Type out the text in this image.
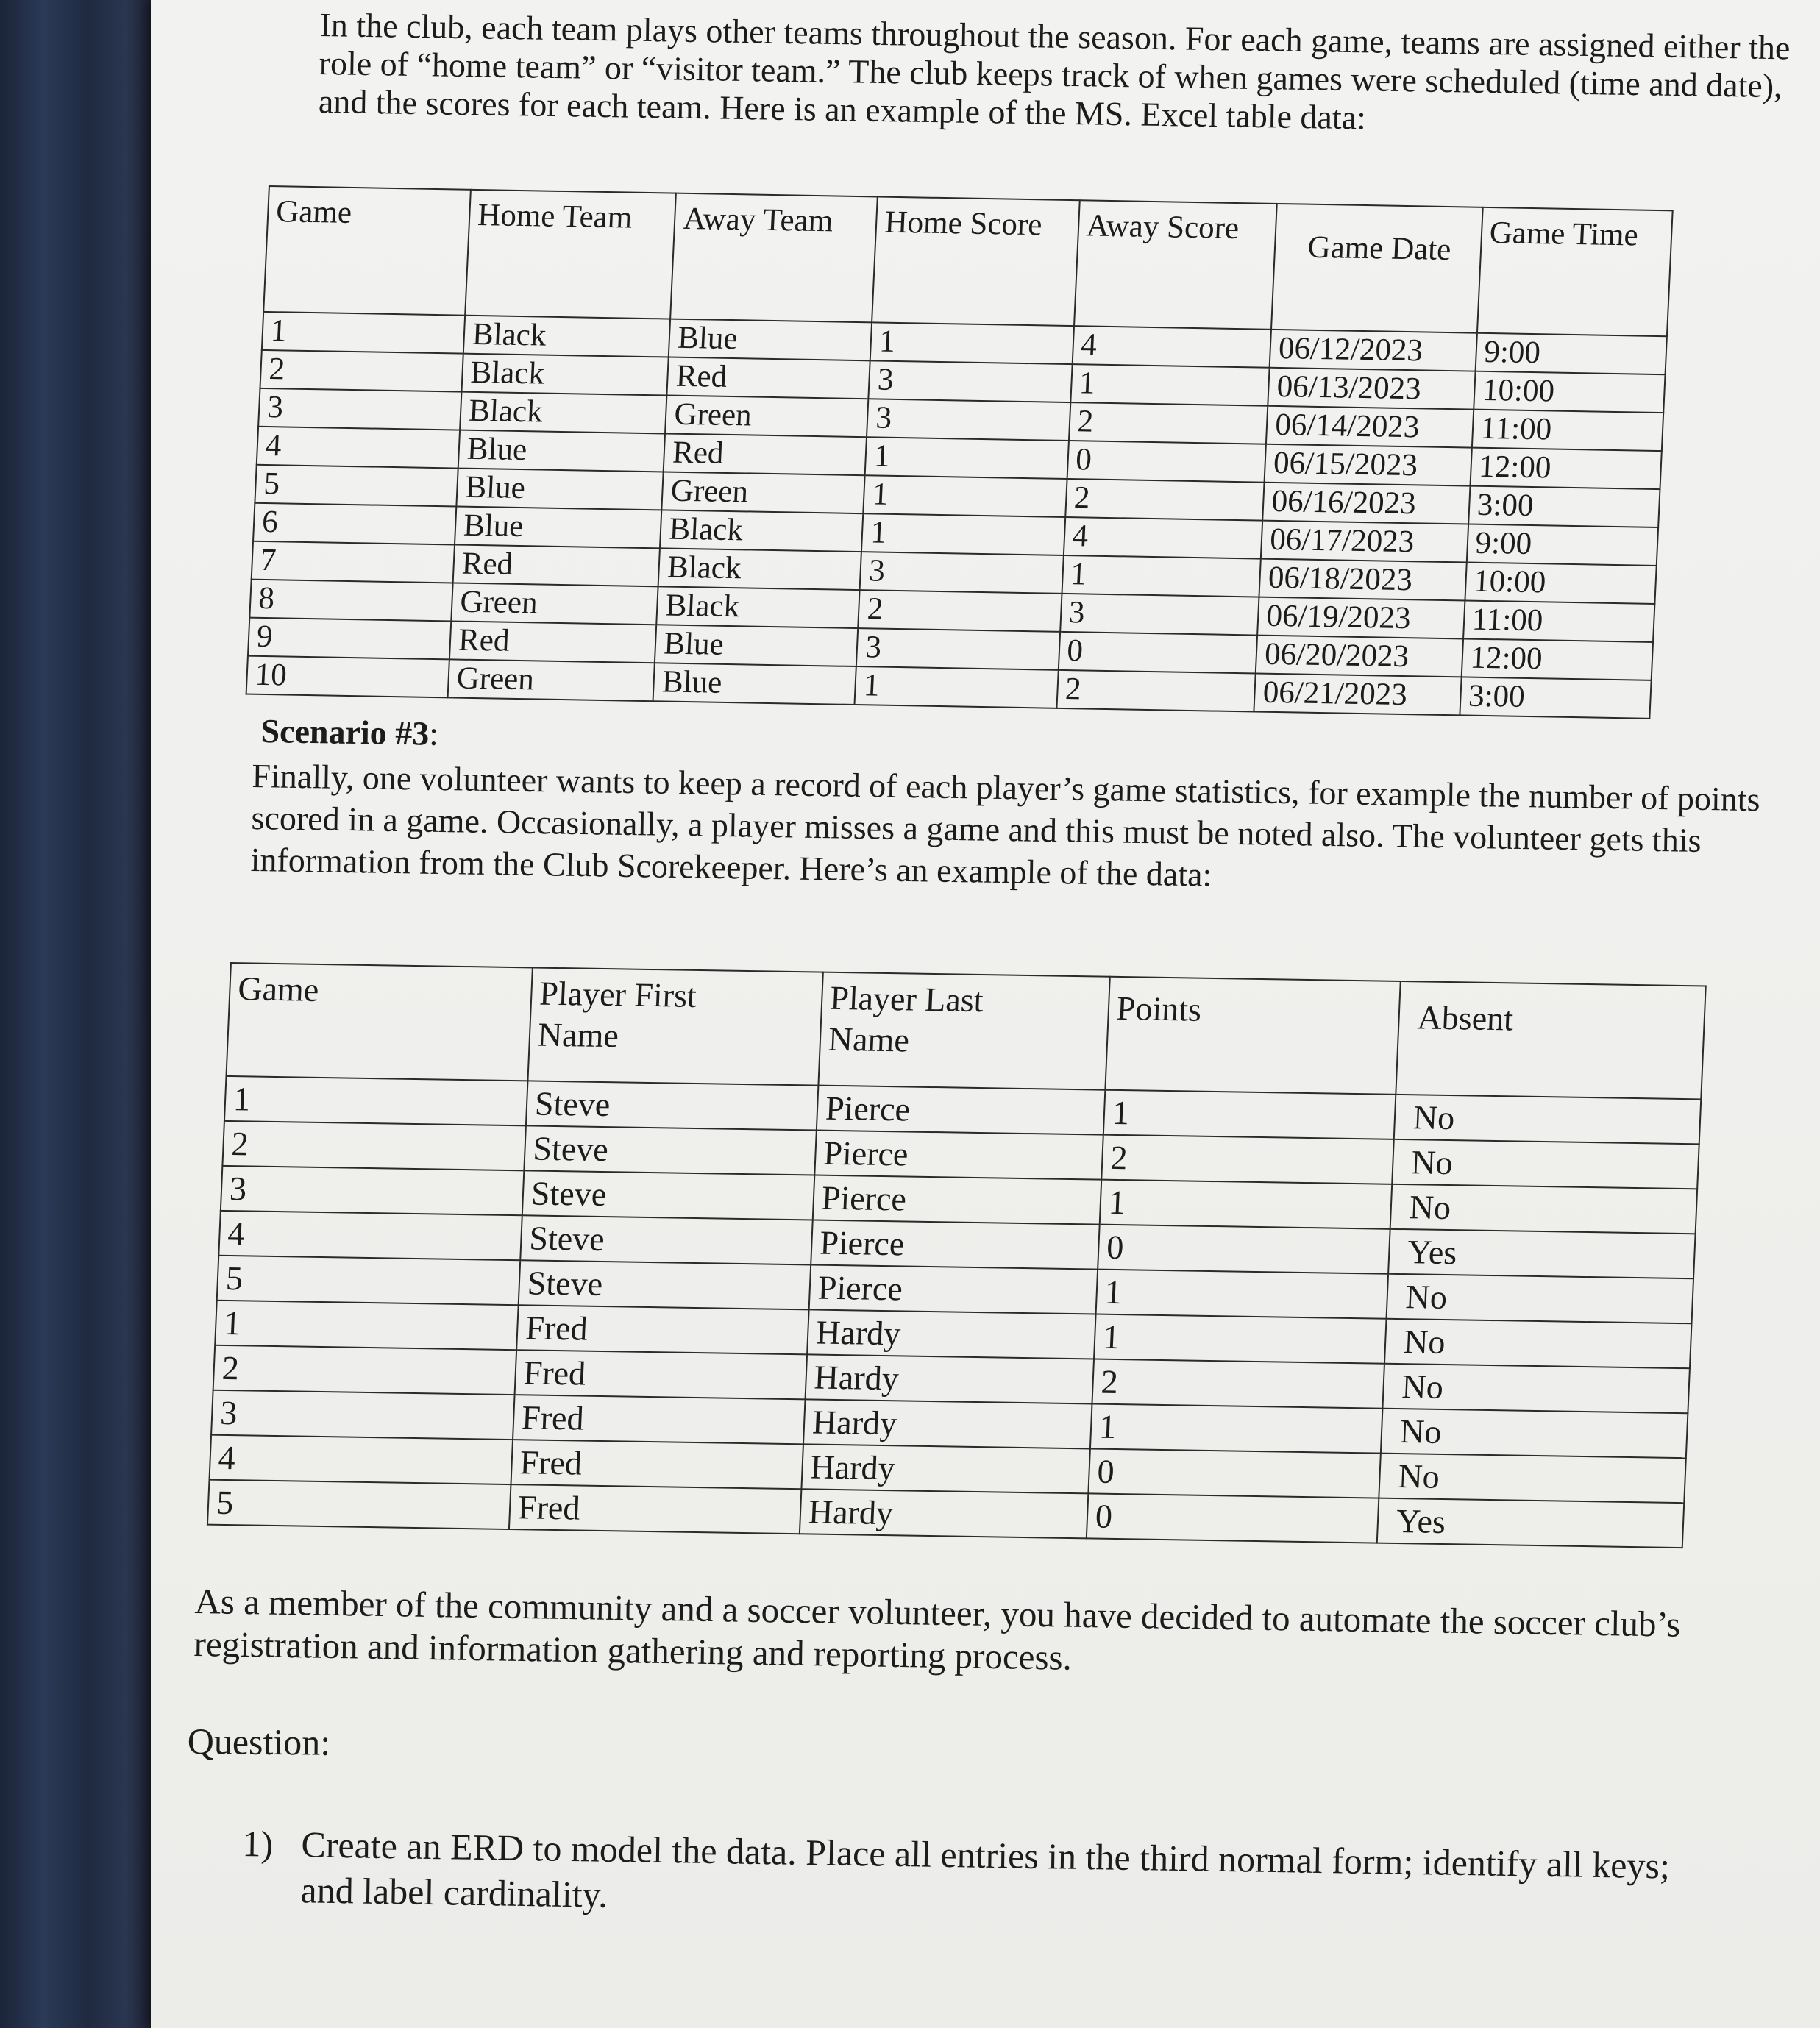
In the club, each team plays other teams throughout the season. For each game, teams are assigned either the role of “home team” or “visitor team.” The club keeps track of when games were scheduled (time and date), and the scores for each team. Here is an example of the MS. Excel table data:

Game	Home Team	Away Team	Home Score	Away Score	Game Date	Game Time
1	Black	Blue	1	4	06/12/2023	9:00
2	Black	Red	3	1	06/13/2023	10:00
3	Black	Green	3	2	06/14/2023	11:00
4	Blue	Red	1	0	06/15/2023	12:00
5	Blue	Green	1	2	06/16/2023	3:00
6	Blue	Black	1	4	06/17/2023	9:00
7	Red	Black	3	1	06/18/2023	10:00
8	Green	Black	2	3	06/19/2023	11:00
9	Red	Blue	3	0	06/20/2023	12:00
10	Green	Blue	1	2	06/21/2023	3:00

Scenario #3:

Finally, one volunteer wants to keep a record of each player’s game statistics, for example the number of points scored in a game. Occasionally, a player misses a game and this must be noted also. The volunteer gets this information from the Club Scorekeeper. Here’s an example of the data:

Game	Player First Name	Player Last Name	Points	Absent
1	Steve	Pierce	1	No
2	Steve	Pierce	2	No
3	Steve	Pierce	1	No
4	Steve	Pierce	0	Yes
5	Steve	Pierce	1	No
1	Fred	Hardy	1	No
2	Fred	Hardy	2	No
3	Fred	Hardy	1	No
4	Fred	Hardy	0	No
5	Fred	Hardy	0	Yes

As a member of the community and a soccer volunteer, you have decided to automate the soccer club’s registration and information gathering and reporting process.

Question:

1) Create an ERD to model the data. Place all entries in the third normal form; identify all keys; and label cardinality.
